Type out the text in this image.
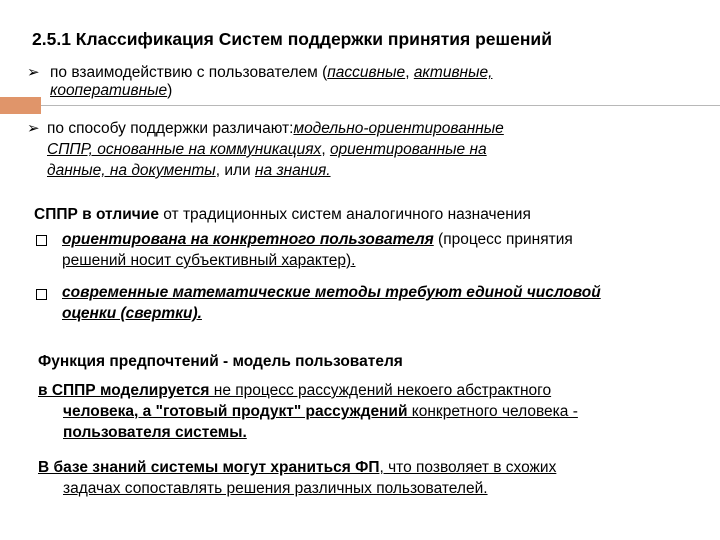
2.5.1 Классификация Систем поддержки принятия решений
➢ по взаимодействию с пользователем (пассивные, активные,
кооперативные)
➢ по способу поддержки различают:модельно-ориентированные
СППР, основанные на коммуникациях, ориентированные на
данные, на документы, или на знания.
СППР в отличие от традиционных систем аналогичного назначения
ориентирована на конкретного пользователя (процесс принятия
решений носит субъективный характер).
современные математические методы требуют единой числовой
оценки (свертки).
Функция предпочтений - модель пользователя
в СППР моделируется не процесс рассуждений некоего абстрактного
человека, а "готовый продукт" рассуждений конкретного человека -
пользователя системы.
В базе знаний системы могут храниться ФП, что позволяет в схожих
задачах сопоставлять решения различных пользователей.
